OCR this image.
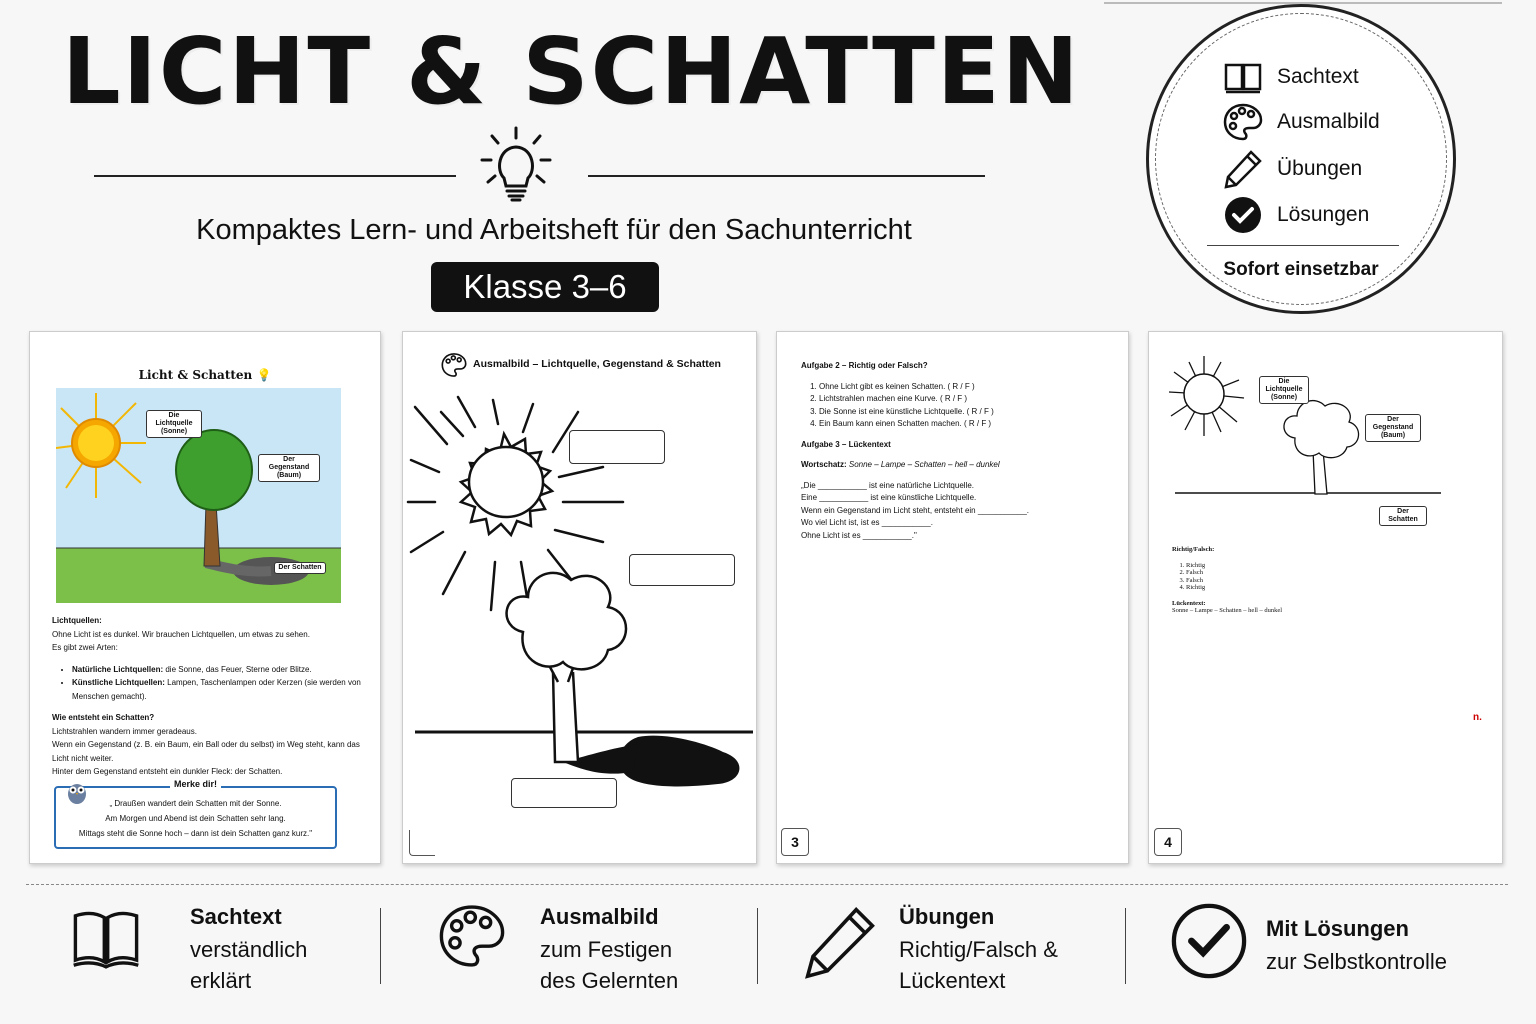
LICHT & SCHATTEN
Kompaktes Lern- und Arbeitsheft für den Sachunterricht
Klasse 3–6
Sachtext
Ausmalbild
Übungen
Lösungen
Sofort einsetzbar
Licht & Schatten 💡
Die Lichtquelle (Sonne)
Der Gegenstand (Baum)
Der Schatten
Lichtquellen:
Ohne Licht ist es dunkel. Wir brauchen Lichtquellen, um etwas zu sehen.
Es gibt zwei Arten:
• Natürliche Lichtquellen: die Sonne, das Feuer, Sterne oder Blitze.
• Künstliche Lichtquellen: Lampen, Taschenlampen oder Kerzen (sie werden von Menschen gemacht).
Wie entsteht ein Schatten?
Lichtstrahlen wandern immer geradeaus.
Wenn ein Gegenstand (z. B. ein Baum, ein Ball oder du selbst) im Weg steht, kann das Licht nicht weiter.
Hinter dem Gegenstand entsteht ein dunkler Fleck: der Schatten.
Merke dir!
„ Draußen wandert dein Schatten mit der Sonne.
Am Morgen und Abend ist dein Schatten sehr lang.
Mittags steht die Sonne hoch – dann ist dein Schatten ganz kurz."
Ausmalbild – Lichtquelle, Gegenstand & Schatten	Aufgabe 2 – Richtig oder Falsch?
1. Ohne Licht gibt es keinen Schatten. ( R / F )
2. Lichtstrahlen machen eine Kurve. ( R / F )
3. Die Sonne ist eine künstliche Lichtquelle. ( R / F )
4. Ein Baum kann einen Schatten machen. ( R / F )
Aufgabe 3 – Lückentext
Wortschatz: Sonne – Lampe – Schatten – hell – dunkel
„Die ___________ ist eine natürliche Lichtquelle.
Eine ___________ ist eine künstliche Lichtquelle.
Wenn ein Gegenstand im Licht steht, entsteht ein ___________.
Wo viel Licht ist, ist es ___________.
Ohne Licht ist es ___________."
3
Die Lichtquelle (Sonne)
Der Gegenstand (Baum)
Der Schatten
Richtig/Falsch:
1. Richtig
2. Falsch
3. Falsch
4. Richtig
Lückentext:
Sonne – Lampe – Schatten – hell – dunkel
n.
4
Sachtext
verständlich
erklärt
Ausmalbild
zum Festigen
des Gelernten
Übungen
Richtig/Falsch &
Lückentext
Mit Lösungen
zur Selbstkontrolle
